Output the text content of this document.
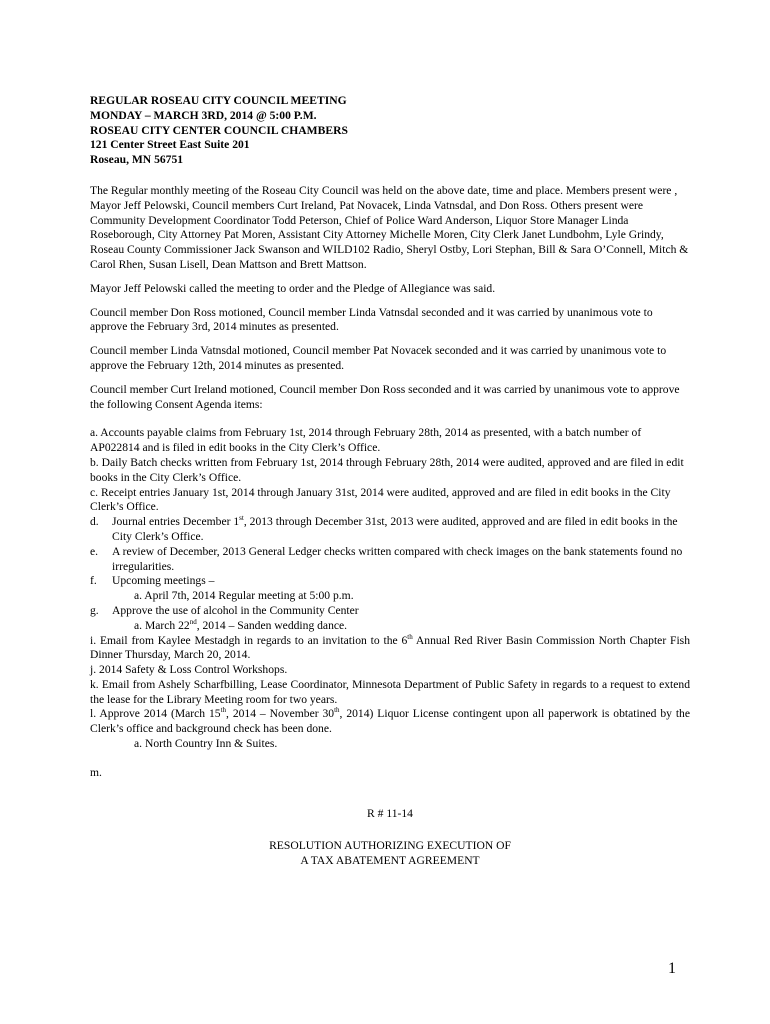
REGULAR ROSEAU CITY COUNCIL MEETING
MONDAY – MARCH 3RD, 2014 @ 5:00 P.M.
ROSEAU CITY CENTER COUNCIL CHAMBERS
121 Center Street East Suite 201
Roseau, MN 56751

The Regular monthly meeting of the Roseau City Council was held on the above date, time and place. Members present were , Mayor Jeff Pelowski, Council members Curt Ireland, Pat Novacek, Linda Vatnsdal, and Don Ross. Others present were Community Development Coordinator Todd Peterson, Chief of Police Ward Anderson, Liquor Store Manager Linda Roseborough, City Attorney Pat Moren, Assistant City Attorney Michelle Moren, City Clerk Janet Lundbohm, Lyle Grindy, Roseau County Commissioner Jack Swanson and WILD102 Radio, Sheryl Ostby, Lori Stephan, Bill & Sara O’Connell, Mitch & Carol Rhen, Susan Lisell, Dean Mattson and Brett Mattson.

Mayor Jeff Pelowski called the meeting to order and the Pledge of Allegiance was said.

Council member Don Ross motioned, Council member Linda Vatnsdal seconded and it was carried by unanimous vote to approve the February 3rd, 2014 minutes as presented.

Council member Linda Vatnsdal motioned, Council member Pat Novacek seconded and it was carried by unanimous vote to approve the February 12th, 2014 minutes as presented.

Council member Curt Ireland motioned, Council member Don Ross seconded and it was carried by unanimous vote to approve the following Consent Agenda items:

a. Accounts payable claims from February 1st, 2014 through February 28th, 2014 as presented, with a batch number of AP022814 and is filed in edit books in the City Clerk’s Office.
b. Daily Batch checks written from February 1st, 2014 through February 28th, 2014 were audited, approved and are filed in edit books in the City Clerk’s Office.
c. Receipt entries January 1st, 2014 through January 31st, 2014 were audited, approved and are filed in edit books in the City Clerk’s Office.
d. Journal entries December 1st, 2013 through December 31st, 2013 were audited, approved and are filed in edit books in the City Clerk’s Office.
e. A review of December, 2013 General Ledger checks written compared with check images on the bank statements found no irregularities.
f. Upcoming meetings –
a. April 7th, 2014 Regular meeting at 5:00 p.m.
g. Approve the use of alcohol in the Community Center
a. March 22nd, 2014 – Sanden wedding dance.
i. Email from Kaylee Mestadgh in regards to an invitation to the 6th Annual Red River Basin Commission North Chapter Fish Dinner Thursday, March 20, 2014.
j. 2014 Safety & Loss Control Workshops.
k. Email from Ashely Scharfbilling, Lease Coordinator, Minnesota Department of Public Safety in regards to a request to extend the lease for the Library Meeting room for two years.
l. Approve 2014 (March 15th, 2014 – November 30th, 2014) Liquor License contingent upon all paperwork is obtatined by the Clerk’s office and background check has been done.
a. North Country Inn & Suites.
m.
R # 11-14
RESOLUTION AUTHORIZING EXECUTION OF
A TAX ABATEMENT AGREEMENT
1
